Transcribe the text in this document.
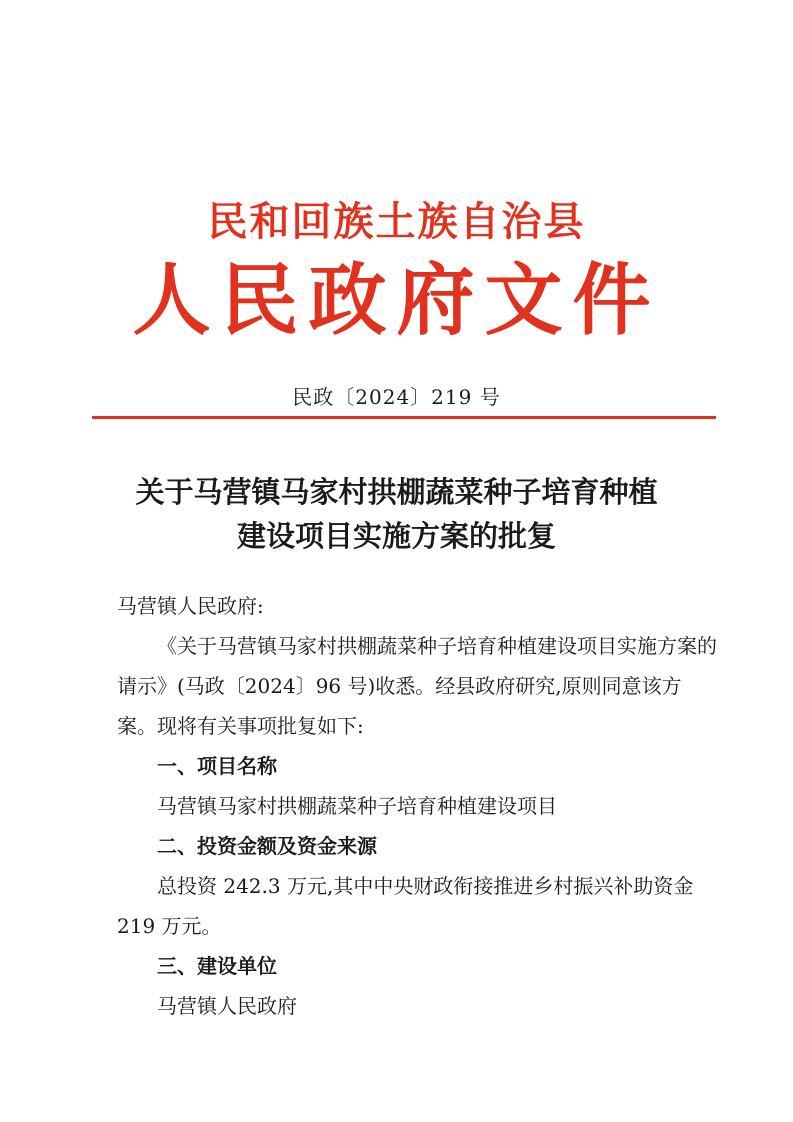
民和回族土族自治县
人民政府文件
民政〔2024〕219 号
关于马营镇马家村拱棚蔬菜种子培育种植
建设项目实施方案的批复
马营镇人民政府:
《关于马营镇马家村拱棚蔬菜种子培育种植建设项目实施方案的请示》(马政〔2024〕96 号)收悉。经县政府研究,原则同意该方案。现将有关事项批复如下:
一、项目名称
马营镇马家村拱棚蔬菜种子培育种植建设项目
二、投资金额及资金来源
总投资 242.3 万元,其中中央财政衔接推进乡村振兴补助资金 219 万元。
三、建设单位
马营镇人民政府
